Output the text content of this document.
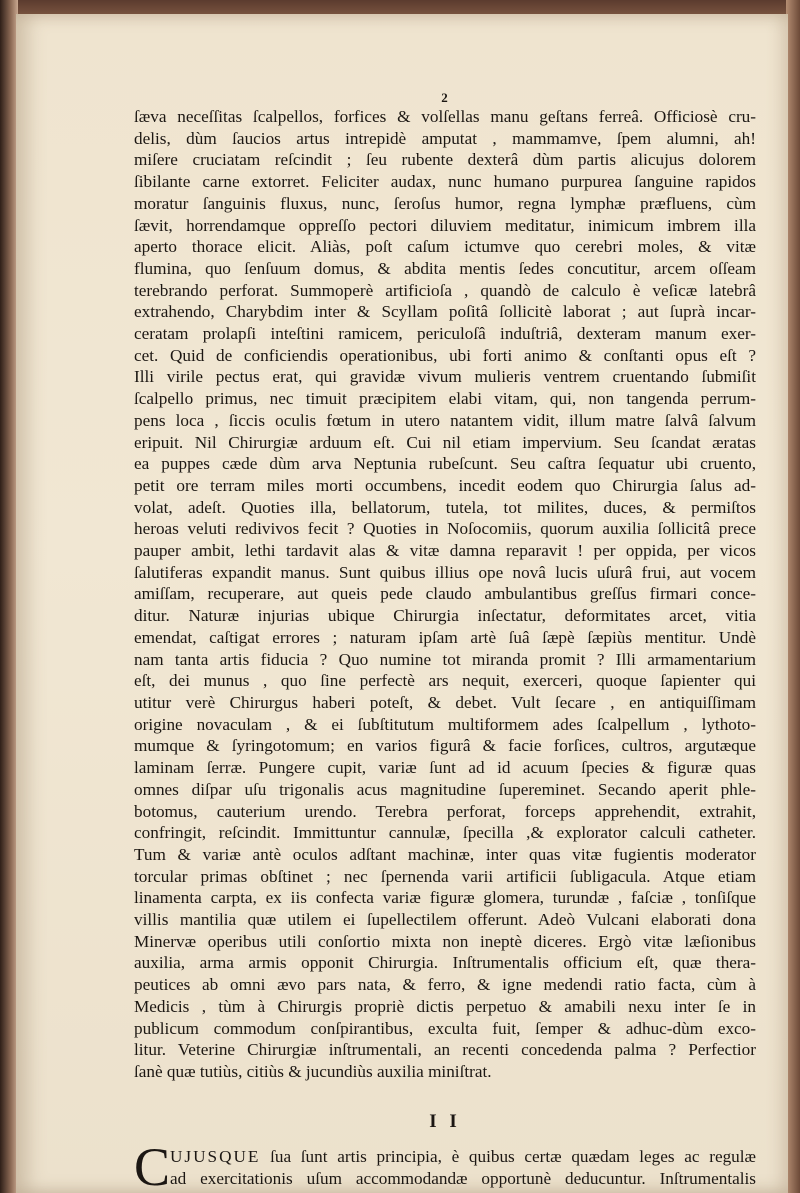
2
ſæva neceſſitas ſcalpellos, forfices & volſellas manu geſtans ferreâ. Officiosè cru-
delis, dùm ſaucios artus intrepidè amputat , mammamve, ſpem alumni, ah!
miſere cruciatam reſcindit ; ſeu rubente dexterâ dùm partis alicujus dolorem
ſibilante carne extorret. Feliciter audax, nunc humano purpurea ſanguine rapidos
moratur ſanguinis fluxus, nunc, ſeroſus humor, regna lymphæ præfluens, cùm
ſævit, horrendamque oppreſſo pectori diluviem meditatur, inimicum imbrem illa
aperto thorace elicit. Aliàs, poſt caſum ictumve quo cerebri moles, & vitæ
flumina, quo ſenſuum domus, & abdita mentis ſedes concutitur, arcem oſſeam
terebrando perforat. Summoperè artificioſa , quandò de calculo è veſicæ latebrâ
extrahendo, Charybdim inter & Scyllam poſitâ ſollicitè laborat ; aut ſuprà incar-
ceratam prolapſi inteſtini ramicem, periculoſâ induſtriâ, dexteram manum exer-
cet. Quid de conficiendis operationibus, ubi forti animo & conſtanti opus eſt ?
Illi virile pectus erat, qui gravidæ vivum mulieris ventrem cruentando ſubmiſit
ſcalpello primus, nec timuit præcipitem elabi vitam, qui, non tangenda perrum-
pens loca , ſiccis oculis fœtum in utero natantem vidit, illum matre ſalvâ ſalvum
eripuit. Nil Chirurgiæ arduum eſt. Cui nil etiam impervium. Seu ſcandat æratas
ea puppes cæde dùm arva Neptunia rubeſcunt. Seu caſtra ſequatur ubi cruento,
petit ore terram miles morti occumbens, incedit eodem quo Chirurgia ſalus ad-
volat, adeſt. Quoties illa, bellatorum, tutela, tot milites, duces, & permiſtos
heroas veluti redivivos fecit ? Quoties in Noſocomiis, quorum auxilia ſollicitâ prece
pauper ambit, lethi tardavit alas & vitæ damna reparavit ! per oppida, per vicos
ſalutiferas expandit manus. Sunt quibus illius ope novâ lucis uſurâ frui, aut vocem
amiſſam, recuperare, aut queis pede claudo ambulantibus greſſus firmari conce-
ditur. Naturæ injurias ubique Chirurgia inſectatur, deformitates arcet, vitia
emendat, caſtigat errores ; naturam ipſam artè ſuâ ſæpè ſæpiùs mentitur. Undè
nam tanta artis fiducia ? Quo numine tot miranda promit ? Illi armamentarium
eſt, dei munus , quo ſine perfectè ars nequit, exerceri, quoque ſapienter qui
utitur verè Chirurgus haberi poteſt, & debet. Vult ſecare , en antiquiſſimam
origine novaculam , & ei ſubſtitutum multiformem ades ſcalpellum , lythoto-
mumque & ſyringotomum; en varios figurâ & facie forſices, cultros, argutæque
laminam ſerræ. Pungere cupit, variæ ſunt ad id acuum ſpecies & figuræ quas
omnes diſpar uſu trigonalis acus magnitudine ſupereminet. Secando aperit phle-
botomus, cauterium urendo. Terebra perforat, forceps apprehendit, extrahit,
confringit, reſcindit. Immittuntur cannulæ, ſpecilla ,& explorator calculi catheter.
Tum & variæ antè oculos adſtant machinæ, inter quas vitæ fugientis moderator
torcular primas obſtinet ; nec ſpernenda varii artificii ſubligacula. Atque etiam
linamenta carpta, ex iis confecta variæ figuræ glomera, turundæ , faſciæ , tonſiſque
villis mantilia quæ utilem ei ſupellectilem offerunt. Adeò Vulcani elaborati dona
Minervæ operibus utili conſortio mixta non ineptè diceres. Ergò vitæ læſionibus
auxilia, arma armis opponit Chirurgia. Inſtrumentalis officium eſt, quæ thera-
peutices ab omni ævo pars nata, & ferro, & igne medendi ratio facta, cùm à
Medicis , tùm à Chirurgis propriè dictis perpetuo & amabili nexu inter ſe in
publicum commodum conſpirantibus, exculta fuit, ſemper & adhuc-dùm exco-
litur. Veterine Chirurgiæ inſtrumentali, an recenti concedenda palma ? Perfectior
ſanè quæ tutiùs, citiùs & jucundiùs auxilia miniſtrat.
I I
C UJUSQUE ſua ſunt artis principia, è quibus certæ quædam leges ac regulæ
ad exercitationis uſum accommodandæ opportunè deducuntur. Inſtrumentalis
